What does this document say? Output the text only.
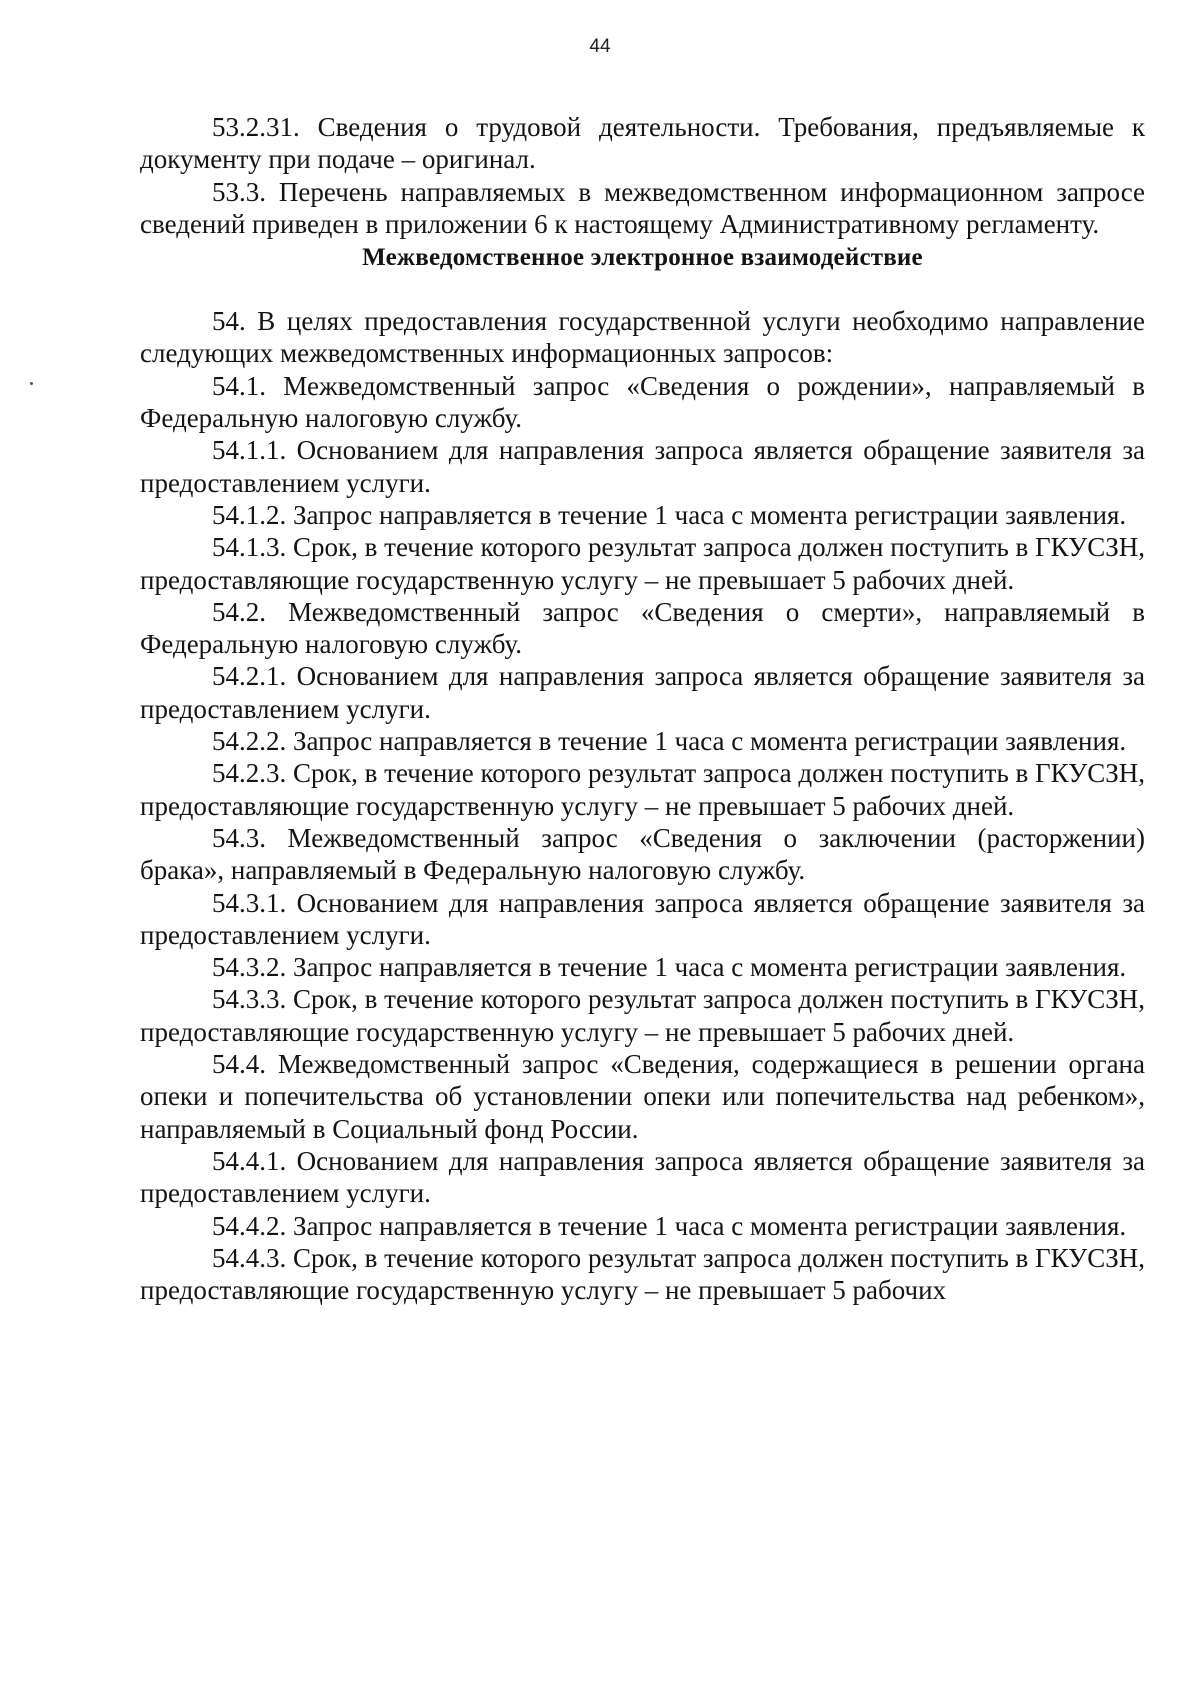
44

53.2.31. Сведения о трудовой деятельности. Требования, предъявляемые к документу при подаче – оригинал.

53.3. Перечень направляемых в межведомственном информационном запросе сведений приведен в приложении 6 к настоящему Административному регламенту.

Межведомственное электронное взаимодействие

54. В целях предоставления государственной услуги необходимо направление следующих межведомственных информационных запросов:

54.1. Межведомственный запрос «Сведения о рождении», направляемый в Федеральную налоговую службу.

54.1.1. Основанием для направления запроса является обращение заявителя за предоставлением услуги.

54.1.2. Запрос направляется в течение 1 часа с момента регистрации заявления.

54.1.3. Срок, в течение которого результат запроса должен поступить в ГКУСЗН, предоставляющие государственную услугу – не превышает 5 рабочих дней.

54.2. Межведомственный запрос «Сведения о смерти», направляемый в Федеральную налоговую службу.

54.2.1. Основанием для направления запроса является обращение заявителя за предоставлением услуги.

54.2.2. Запрос направляется в течение 1 часа с момента регистрации заявления.

54.2.3. Срок, в течение которого результат запроса должен поступить в ГКУСЗН, предоставляющие государственную услугу – не превышает 5 рабочих дней.

54.3. Межведомственный запрос «Сведения о заключении (расторжении) брака», направляемый в Федеральную налоговую службу.

54.3.1. Основанием для направления запроса является обращение заявителя за предоставлением услуги.

54.3.2. Запрос направляется в течение 1 часа с момента регистрации заявления.

54.3.3. Срок, в течение которого результат запроса должен поступить в ГКУСЗН, предоставляющие государственную услугу – не превышает 5 рабочих дней.

54.4. Межведомственный запрос «Сведения, содержащиеся в решении органа опеки и попечительства об установлении опеки или попечительства над ребенком», направляемый в Социальный фонд России.

54.4.1. Основанием для направления запроса является обращение заявителя за предоставлением услуги.

54.4.2. Запрос направляется в течение 1 часа с момента регистрации заявления.

54.4.3. Срок, в течение которого результат запроса должен поступить в ГКУСЗН, предоставляющие государственную услугу – не превышает 5 рабочих
